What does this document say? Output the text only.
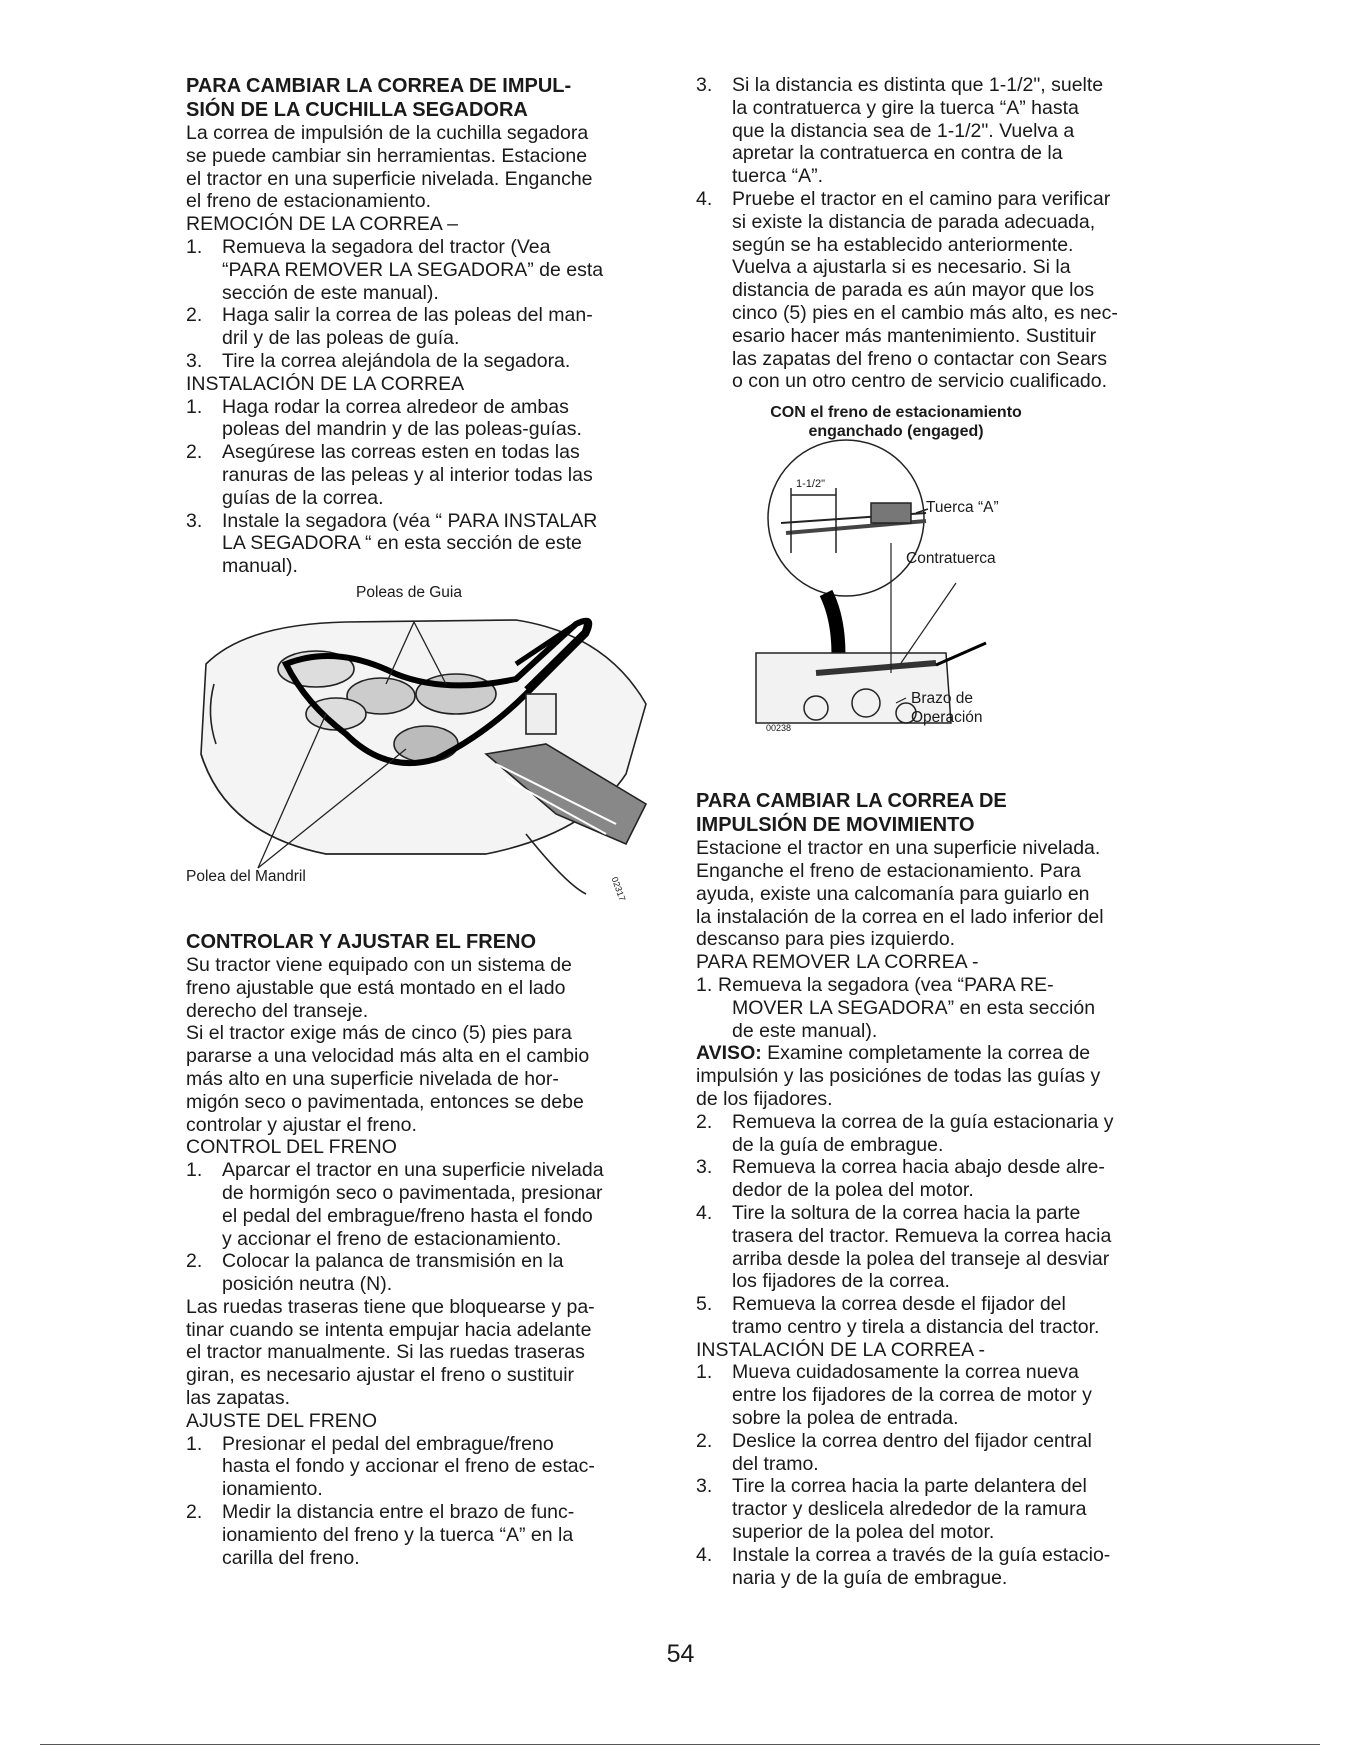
PARA CAMBIAR LA CORREA DE IMPUL-
SIÓN DE LA CUCHILLA SEGADORA
La correa de impulsión de la cuchilla segadora
se puede cambiar sin herramientas. Estacione
el tractor en una superficie nivelada. Enganche
el freno de estacionamiento.
REMOCIÓN DE LA CORREA –
1.	Remueva la segadora del tractor (Vea
“PARA REMOVER LA SEGADORA” de esta
sección de este manual).
2.	Haga salir la correa de las poleas del man-
dril y de las poleas de guía.
3.	Tire la correa alejándola de la segadora.
INSTALACIÓN DE LA CORREA
1.	Haga rodar la correa alredeor de ambas
poleas del mandrin y de las poleas-guías.
2.	Asegúrese las correas esten en todas las
ranuras de las peleas y al interior todas las
guías de la correa.
3.	Instale la segadora (véa “ PARA INSTALAR
LA SEGADORA “ en esta sección de este
manual).
Poleas de Guia
Polea del Mandril	02317
CONTROLAR Y AJUSTAR EL FRENO
Su tractor viene equipado con un sistema de
freno ajustable que está montado en el lado
derecho del transeje.
Si el tractor exige más de cinco (5) pies para
pararse a una velocidad más alta en el cambio
más alto en una superficie nivelada de hor-
migón seco o pavimentada, entonces se debe
controlar y ajustar el freno.
CONTROL DEL FRENO
1.	Aparcar el tractor en una superficie nivelada
de hormigón seco o pavimentada, presionar
el pedal del embrague/freno hasta el fondo
y accionar el freno de estacionamiento.
2.	Colocar la palanca de transmisión en la
posición neutra (N).
Las ruedas traseras tiene que bloquearse y pa-
tinar cuando se intenta empujar hacia adelante
el tractor manualmente. Si las ruedas traseras
giran, es necesario ajustar el freno o sustituir
las zapatas.
AJUSTE DEL FRENO
1.	Presionar el pedal del embrague/freno
hasta el fondo y accionar el freno de estac-
ionamiento.
2.	Medir la distancia entre el brazo de func-
ionamiento del freno y la tuerca “A” en la
carilla del freno.
3.	Si la distancia es distinta que 1-1/2", suelte
la contratuerca y gire la tuerca “A” hasta
que la distancia sea de 1-1/2". Vuelva a
apretar la contratuerca en contra de la
tuerca “A”.
4.	Pruebe el tractor en el camino para verificar
si existe la distancia de parada adecuada,
según se ha establecido anteriormente.
Vuelva a ajustarla si es necesario. Si la
distancia de parada es aún mayor que los
cinco (5) pies en el cambio más alto, es nec-
esario hacer más mantenimiento. Sustituir
las zapatas del freno o contactar con Sears
o con un otro centro de servicio cualificado.
CON el freno de estacionamiento
enganchado (engaged)
1-1/2"
Tuerca “A”
Contratuerca
Brazo de
Operación
00238
PARA CAMBIAR LA CORREA DE
IMPULSIÓN DE MOVIMIENTO
Estacione el tractor en una superficie nivelada.
Enganche el freno de estacionamiento. Para
ayuda, existe una calcomanía para guiarlo en
la instalación de la correa en el lado inferior del
descanso para pies izquierdo.
PARA REMOVER LA CORREA -
1. Remueva la segadora (vea “PARA RE-
MOVER LA SEGADORA” en esta sección
de este manual).
AVISO: Examine completamente la correa de
impulsión y las posiciónes de todas las guías y
de los fijadores.
2.	Remueva la correa de la guía estacionaria y
de la guía de embrague.
3.	Remueva la correa hacia abajo desde alre-
dedor de la polea del motor.
4.	Tire la soltura de la correa hacia la parte
trasera del tractor. Remueva la correa hacia
arriba desde la polea del transeje al desviar
los fijadores de la correa.
5.	Remueva la correa desde el fijador del
tramo centro y tirela a distancia del tractor.
INSTALACIÓN DE LA CORREA -
1.	Mueva cuidadosamente la correa nueva
entre los fijadores de la correa de motor y
sobre la polea de entrada.
2.	Deslice la correa dentro del fijador central
del tramo.
3.	Tire la correa hacia la parte delantera del
tractor y deslicela alrededor de la ramura
superior de la polea del motor.
4.	Instale la correa a través de la guía estacio-
naria y de la guía de embrague.
54
